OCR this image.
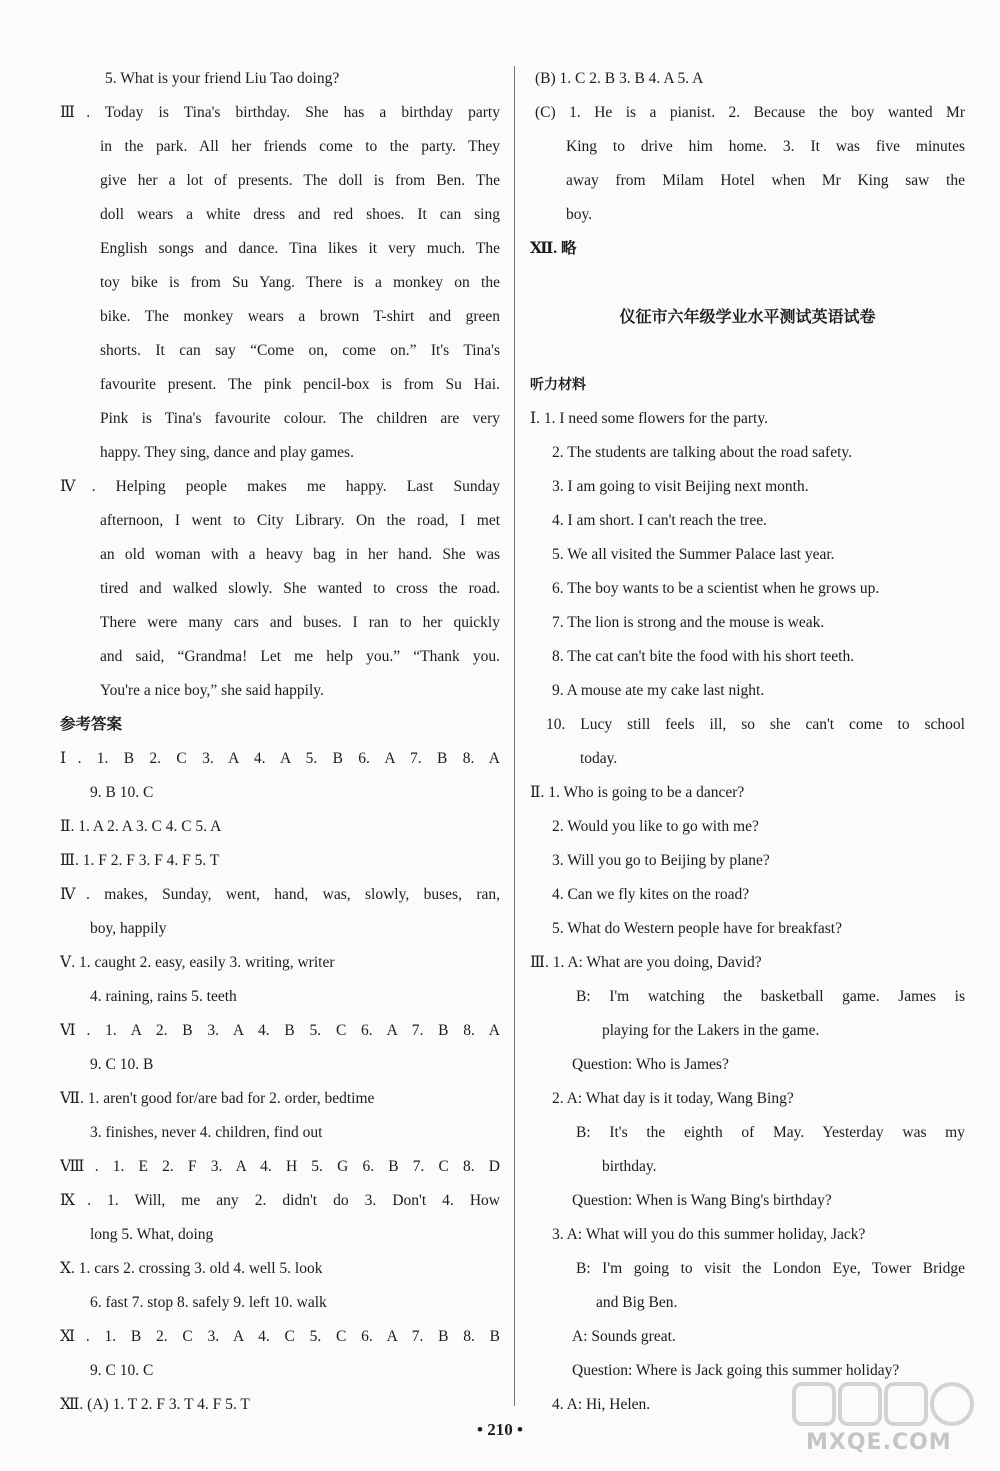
5. What is your friend Liu Tao doing?
Ⅲ. Today is Tina's birthday. She has a birthday party
in the park. All her friends come to the party. They
give her a lot of presents. The doll is from Ben. The
doll wears a white dress and red shoes. It can sing
English songs and dance. Tina likes it very much. The
toy bike is from Su Yang. There is a monkey on the
bike. The monkey wears a brown T-shirt and green
shorts. It can say “Come on, come on.” It's Tina's
favourite present. The pink pencil-box is from Su Hai.
Pink is Tina's favourite colour. The children are very
happy. They sing, dance and play games.
Ⅳ. Helping people makes me happy. Last Sunday
afternoon, I went to City Library. On the road, I met
an old woman with a heavy bag in her hand. She was
tired and walked slowly. She wanted to cross the road.
There were many cars and buses. I ran to her quickly
and said, “Grandma! Let me help you.” “Thank you.
You're a nice boy,” she said happily.
参考答案
Ⅰ. 1. B 2. C 3. A 4. A 5. B 6. A 7. B 8. A
9. B 10. C
Ⅱ. 1. A 2. A 3. C 4. C 5. A
Ⅲ. 1. F 2. F 3. F 4. F 5. T
Ⅳ. makes, Sunday, went, hand, was, slowly, buses, ran,
boy, happily
Ⅴ. 1. caught 2. easy, easily 3. writing, writer
4. raining, rains 5. teeth
Ⅵ. 1. A 2. B 3. A 4. B 5. C 6. A 7. B 8. A
9. C 10. B
Ⅶ. 1. aren't good for/are bad for 2. order, bedtime
3. finishes, never 4. children, find out
Ⅷ. 1. E 2. F 3. A 4. H 5. G 6. B 7. C 8. D
Ⅸ. 1. Will, me any 2. didn't do 3. Don't 4. How
long 5. What, doing
Ⅹ. 1. cars 2. crossing 3. old 4. well 5. look
6. fast 7. stop 8. safely 9. left 10. walk
Ⅺ. 1. B 2. C 3. A 4. C 5. C 6. A 7. B 8. B
9. C 10. C
Ⅻ. (A) 1. T 2. F 3. T 4. F 5. T
(B) 1. C 2. B 3. B 4. A 5. A
(C) 1. He is a pianist. 2. Because the boy wanted Mr
King to drive him home. 3. It was five minutes
away from Milam Hotel when Mr King saw the
boy.
Ⅻ. 略
仪征市六年级学业水平测试英语试卷
听力材料
Ⅰ. 1. I need some flowers for the party.
2. The students are talking about the road safety.
3. I am going to visit Beijing next month.
4. I am short. I can't reach the tree.
5. We all visited the Summer Palace last year.
6. The boy wants to be a scientist when he grows up.
7. The lion is strong and the mouse is weak.
8. The cat can't bite the food with his short teeth.
9. A mouse ate my cake last night.
10. Lucy still feels ill, so she can't come to school
today.
Ⅱ. 1. Who is going to be a dancer?
2. Would you like to go with me?
3. Will you go to Beijing by plane?
4. Can we fly kites on the road?
5. What do Western people have for breakfast?
Ⅲ. 1. A: What are you doing, David?
B: I'm watching the basketball game. James is
playing for the Lakers in the game.
Question: Who is James?
2. A: What day is it today, Wang Bing?
B: It's the eighth of May. Yesterday was my
birthday.
Question: When is Wang Bing's birthday?
3. A: What will you do this summer holiday, Jack?
B: I'm going to visit the London Eye, Tower Bridge
and Big Ben.
A: Sounds great.
Question: Where is Jack going this summer holiday?
4. A: Hi, Helen.
• 210 •
MXQE.COM
